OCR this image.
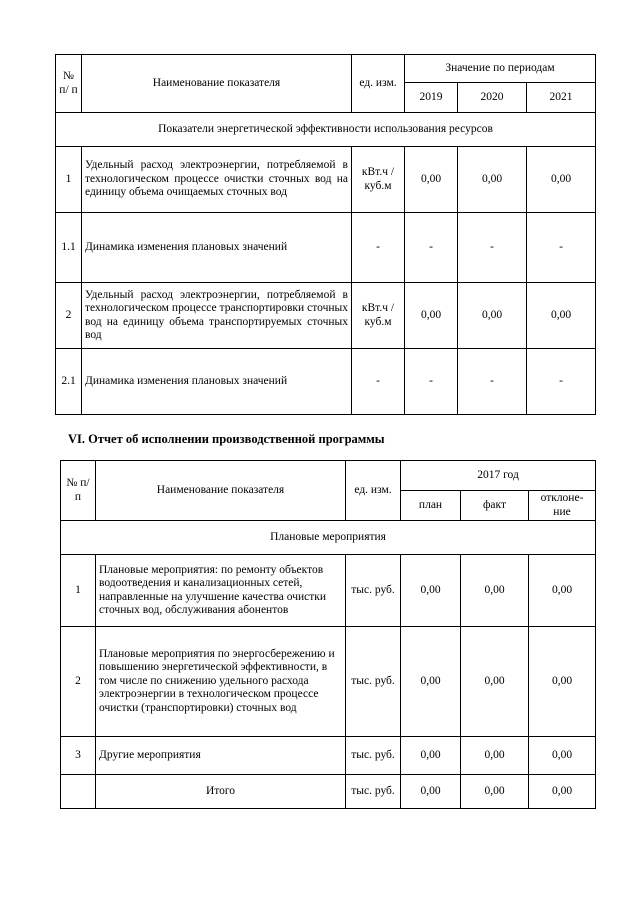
№ п/ п	Наименование показателя	ед. изм.	Значение по периодам		
			2019	2020	2021
Показатели энергетической эффективности использования ресурсов					
1	Удельный расход электроэнергии, потребляемой в технологическом процессе очистки сточных вод на единицу объема очищаемых сточных вод	кВт.ч / куб.м	0,00	0,00	0,00
1.1	Динамика изменения плановых значений	-	-	-	-
2	Удельный расход электроэнергии, потребляемой в технологическом процессе транспортировки сточных вод на единицу объема транспортируемых сточных вод	кВт.ч / куб.м	0,00	0,00	0,00
2.1	Динамика изменения плановых значений	-	-	-	-
VI. Отчет об исполнении производственной программы
№ п/п	Наименование показателя	ед. изм.	2017 год		
			план	факт	отклоне-ние
Плановые мероприятия					
1	Плановые мероприятия: по ремонту объектов водоотведения и канализационных сетей, направленные на улучшение качества очистки сточных вод, обслуживания абонентов	тыс. руб.	0,00	0,00	0,00
2	Плановые мероприятия по энергосбережению и повышению энергетической эффективности, в том числе по снижению удельного расхода электроэнергии в технологическом процессе очистки (транспортировки) сточных вод	тыс. руб.	0,00	0,00	0,00
3	Другие мероприятия	тыс. руб.	0,00	0,00	0,00
	Итого	тыс. руб.	0,00	0,00	0,00
